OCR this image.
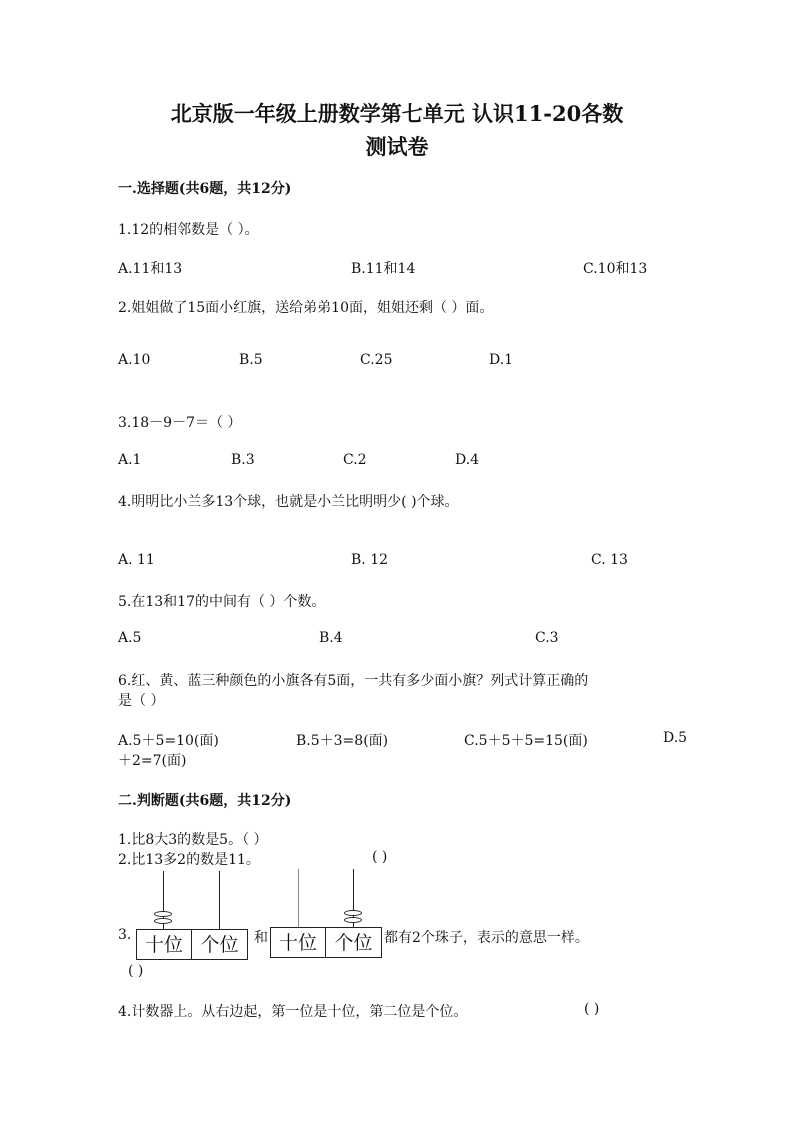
北京版一年级上册数学第七单元 认识11-20各数
测试卷
一.选择题(共6题，共12分)
1.12的相邻数是（ ）。
A.11和13	B.11和14	C.10和13
2.姐姐做了15面小红旗，送给弟弟10面，姐姐还剩（ ）面。
A.10	B.5	C.25	D.1
3.18－9－7＝（ ）
A.1	B.3	C.2	D.4
4.明明比小兰多13个球，也就是小兰比明明少( )个球。
A. 11	B. 12	C. 13
5.在13和17的中间有（ ）个数。
A.5	B.4	C.3
6.红、黄、蓝三种颜色的小旗各有5面，一共有多少面小旗？列式计算正确的
是（ ）
A.5＋5=10(面)	B.5＋3=8(面)	C.5＋5＋5=15(面)	D.5
＋2=7(面)
二.判断题(共6题，共12分)
1.比8大3的数是5。（ ）
2.比13多2的数是11。	( )
3. 十位 个位	和 十位 个位 都有2个珠子，表示的意思一样。
( )
4.计数器上。从右边起，第一位是十位，第二位是个位。	( )
